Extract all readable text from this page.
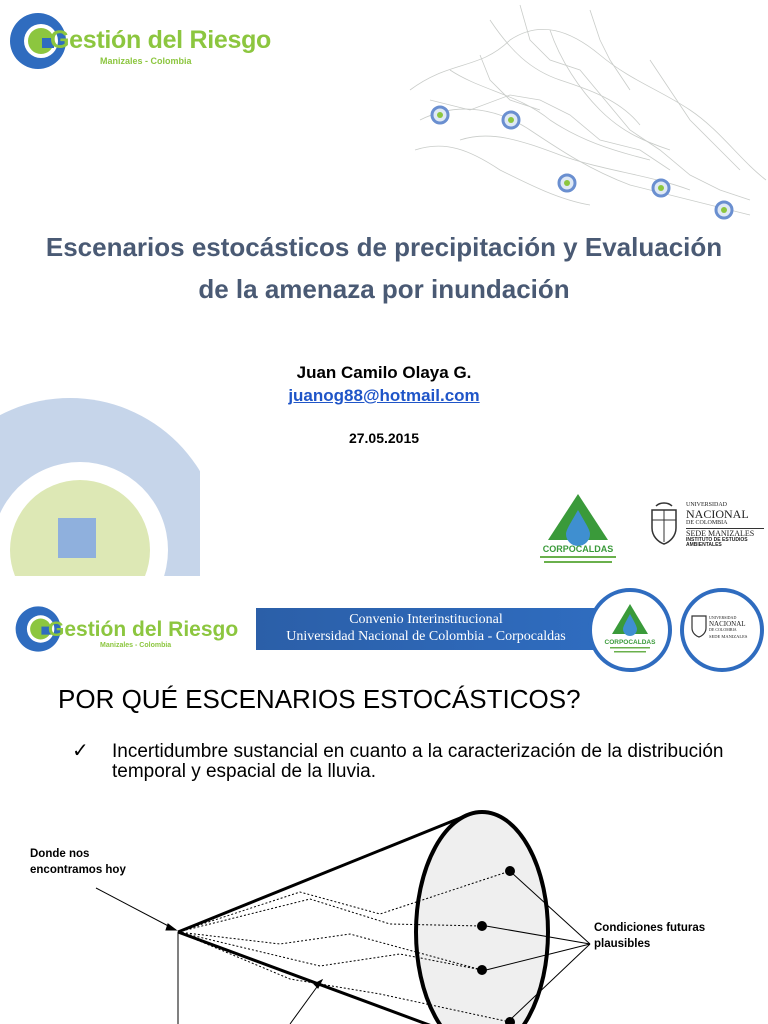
Gestión del Riesgo
Manizales - Colombia
Escenarios estocásticos de precipitación y Evaluación
de la amenaza por inundación
Juan Camilo Olaya G.
juanog88@hotmail.com
27.05.2015
CORPOCALDAS
UNIVERSIDAD
NACIONAL
DE COLOMBIA
SEDE MANIZALES
INSTITUTO DE ESTUDIOS AMBIENTALES
Gestión del Riesgo
Manizales - Colombia
Convenio Interinstitucional
Universidad Nacional de Colombia - Corpocaldas	CORPOCALDAS
UNIVERSIDAD
NACIONAL
DE COLOMBIA
SEDE MANIZALES
POR QUÉ ESCENARIOS ESTOCÁSTICOS?
✓ Incertidumbre sustancial en cuanto a la caracterización de la distribución temporal y espacial de la lluvia.
Donde nos
encontramos hoy
Condiciones futuras
plausibles
